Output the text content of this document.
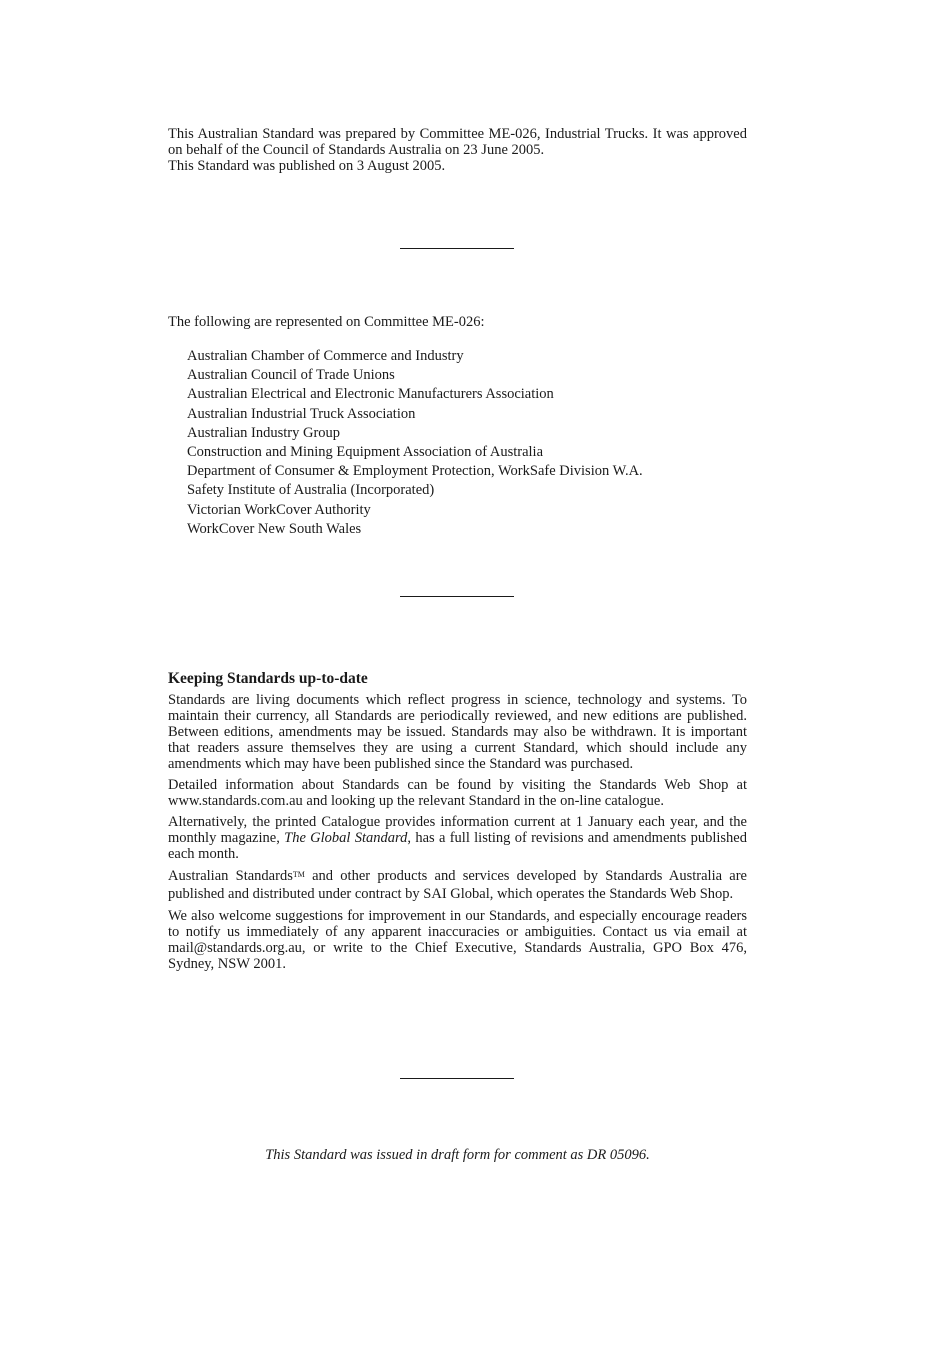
This Australian Standard was prepared by Committee ME-026, Industrial Trucks. It was approved on behalf of the Council of Standards Australia on 23 June 2005.

This Standard was published on 3 August 2005.

The following are represented on Committee ME-026:

Australian Chamber of Commerce and Industry
Australian Council of Trade Unions
Australian Electrical and Electronic Manufacturers Association
Australian Industrial Truck Association
Australian Industry Group
Construction and Mining Equipment Association of Australia
Department of Consumer & Employment Protection, WorkSafe Division W.A.
Safety Institute of Australia (Incorporated)
Victorian WorkCover Authority
WorkCover New South Wales
Keeping Standards up-to-date

Standards are living documents which reflect progress in science, technology and systems. To maintain their currency, all Standards are periodically reviewed, and new editions are published. Between editions, amendments may be issued. Standards may also be withdrawn. It is important that readers assure themselves they are using a current Standard, which should include any amendments which may have been published since the Standard was purchased.

Detailed information about Standards can be found by visiting the Standards Web Shop at www.standards.com.au and looking up the relevant Standard in the on-line catalogue.

Alternatively, the printed Catalogue provides information current at 1 January each year, and the monthly magazine, The Global Standard, has a full listing of revisions and amendments published each month.

Australian Standards™ and other products and services developed by Standards Australia are published and distributed under contract by SAI Global, which operates the Standards Web Shop.

We also welcome suggestions for improvement in our Standards, and especially encourage readers to notify us immediately of any apparent inaccuracies or ambiguities. Contact us via email at mail@standards.org.au, or write to the Chief Executive, Standards Australia, GPO Box 476, Sydney, NSW 2001.

This Standard was issued in draft form for comment as DR 05096.
